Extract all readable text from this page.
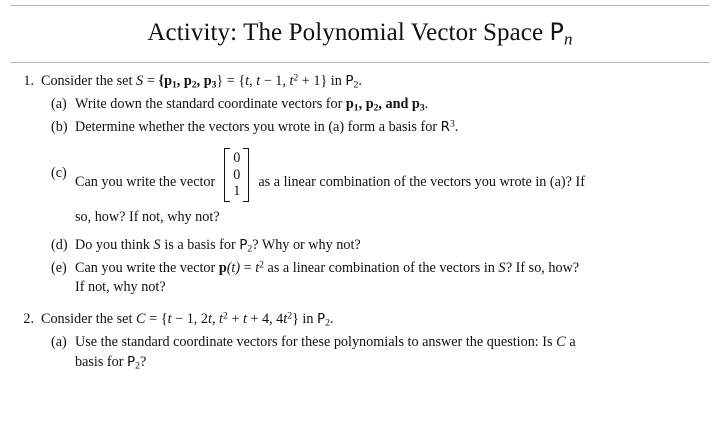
Activity: The Polynomial Vector Space $P_n$
1. Consider the set $S = \{p_1$, $p_2$, $p_3\} = \{t$, t − 1, $t^2 + 1$} in $P_2$.
(a) Write down the standard coordinate vectors for $p_1$, $p_2$, and $p_3$.
(b) Determine whether the vectors you wrote in (a) form a basis for $R^3$.
(c)
Can you write the vector
0
0
1
as a linear combination of the vectors you wrote in (a)? If
so, how? If not, why not?
(d) Do you think S is a basis for $P_2$? Why or why not?
(e) Can you write the vector $p(t) = t^2$ as a linear combination of the vectors in S? If so, how?
If not, why not?
2. Consider the set C = {t − 1, 2t, $t^2 + t + 4$, $4t^2$} in $P_2$.
(a) Use the standard coordinate vectors for these polynomials to answer the question: Is C a
basis for $P_2$?
